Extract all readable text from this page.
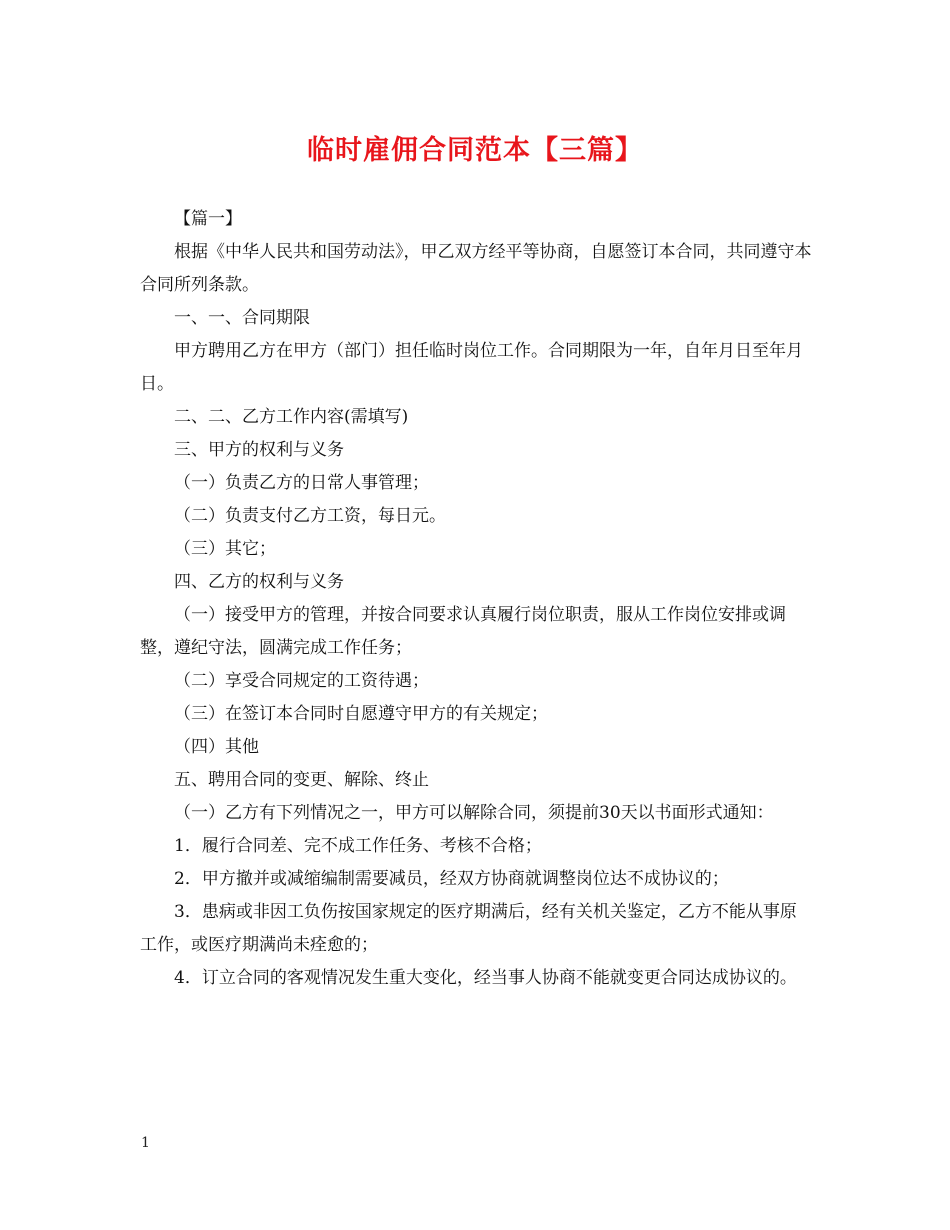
临时雇佣合同范本【三篇】

【篇一】

根据《中华人民共和国劳动法》，甲乙双方经平等协商，自愿签订本合同，共同遵守本合同所列条款。

一、一、合同期限

甲方聘用乙方在甲方（部门）担任临时岗位工作。合同期限为一年，自年月日至年月日。

二、二、乙方工作内容(需填写)

三、甲方的权利与义务

（一）负责乙方的日常人事管理；

（二）负责支付乙方工资，每日元。

（三）其它；

四、乙方的权利与义务

（一）接受甲方的管理，并按合同要求认真履行岗位职责，服从工作岗位安排或调整，遵纪守法，圆满完成工作任务；

（二）享受合同规定的工资待遇；

（三）在签订本合同时自愿遵守甲方的有关规定；

（四）其他

五、聘用合同的变更、解除、终止

（一）乙方有下列情况之一，甲方可以解除合同，须提前30天以书面形式通知：

1．履行合同差、完不成工作任务、考核不合格；

2．甲方撤并或减缩编制需要减员，经双方协商就调整岗位达不成协议的；

3．患病或非因工负伤按国家规定的医疗期满后，经有关机关鉴定，乙方不能从事原工作，或医疗期满尚未痊愈的；

4．订立合同的客观情况发生重大变化，经当事人协商不能就变更合同达成协议的。

1
